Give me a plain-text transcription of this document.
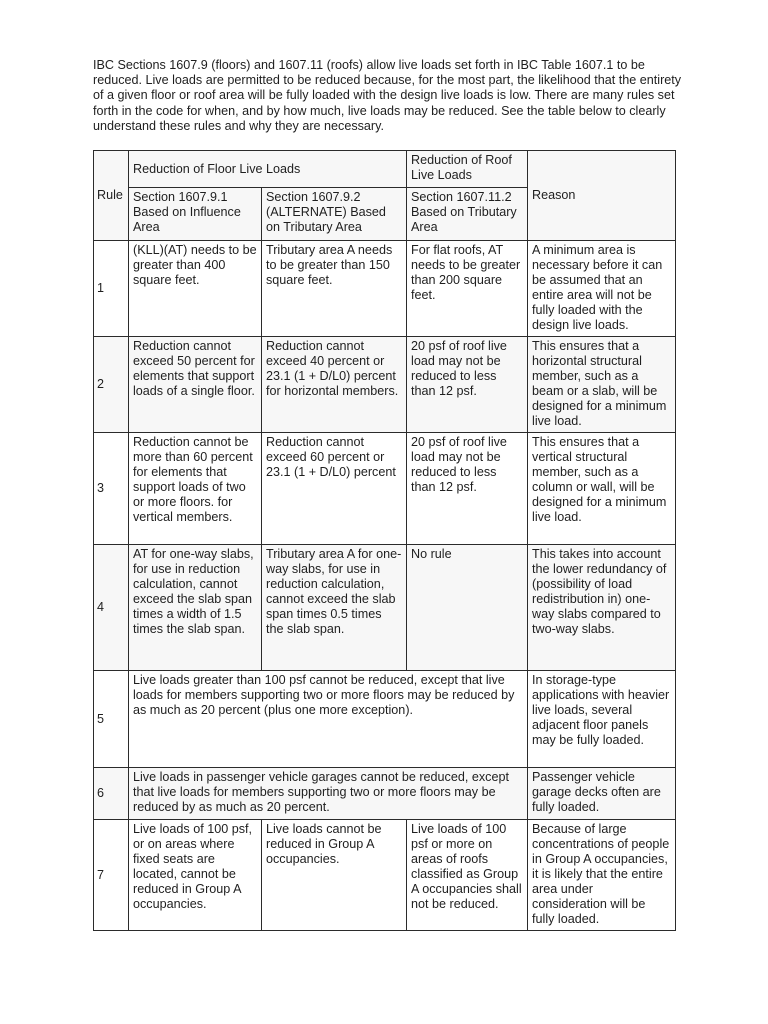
IBC Sections 1607.9 (floors) and 1607.11 (roofs) allow live loads set forth in IBC Table 1607.1 to be reduced. Live loads are permitted to be reduced because, for the most part, the likelihood that the entirety of a given floor or roof area will be fully loaded with the design live loads is low. There are many rules set forth in the code for when, and by how much, live loads may be reduced. See the table below to clearly understand these rules and why they are necessary.

Rule	Reduction of Floor Live Loads		Reduction of Roof Live Loads	Reason
	Section 1607.9.1 Based on Influence Area	Section 1607.9.2 (ALTERNATE) Based on Tributary Area	Section 1607.11.2 Based on Tributary Area	
1	(KLL)(AT) needs to be greater than 400 square feet.	Tributary area A needs to be greater than 150 square feet.	For flat roofs, AT needs to be greater than 200 square feet.	A minimum area is necessary before it can be assumed that an entire area will not be fully loaded with the design live loads.
2	Reduction cannot exceed 50 percent for elements that support loads of a single floor.	Reduction cannot exceed 40 percent or 23.1 (1 + D/L0) percent for horizontal members.	20 psf of roof live load may not be reduced to less than 12 psf.	This ensures that a horizontal structural member, such as a beam or a slab, will be designed for a minimum live load.
3	Reduction cannot be more than 60 percent for elements that support loads of two or more floors. for vertical members.	Reduction cannot exceed 60 percent or 23.1 (1 + D/L0) percent	20 psf of roof live load may not be reduced to less than 12 psf.	This ensures that a vertical structural member, such as a column or wall, will be designed for a minimum live load.
4	AT for one-way slabs, for use in reduction calculation, cannot exceed the slab span times a width of 1.5 times the slab span.	Tributary area A for one-way slabs, for use in reduction calculation, cannot exceed the slab span times 0.5 times the slab span.	No rule	This takes into account the lower redundancy of (possibility of load redistribution in) one-way slabs compared to two-way slabs.
5	Live loads greater than 100 psf cannot be reduced, except that live loads for members supporting two or more floors may be reduced by as much as 20 percent (plus one more exception).			In storage-type applications with heavier live loads, several adjacent floor panels may be fully loaded.
6	Live loads in passenger vehicle garages cannot be reduced, except that live loads for members supporting two or more floors may be reduced by as much as 20 percent.			Passenger vehicle garage decks often are fully loaded.
7	Live loads of 100 psf, or on areas where fixed seats are located, cannot be reduced in Group A occupancies.	Live loads cannot be reduced in Group A occupancies.	Live loads of 100 psf or more on areas of roofs classified as Group A occupancies shall not be reduced.	Because of large concentrations of people in Group A occupancies, it is likely that the entire area under consideration will be fully loaded.
